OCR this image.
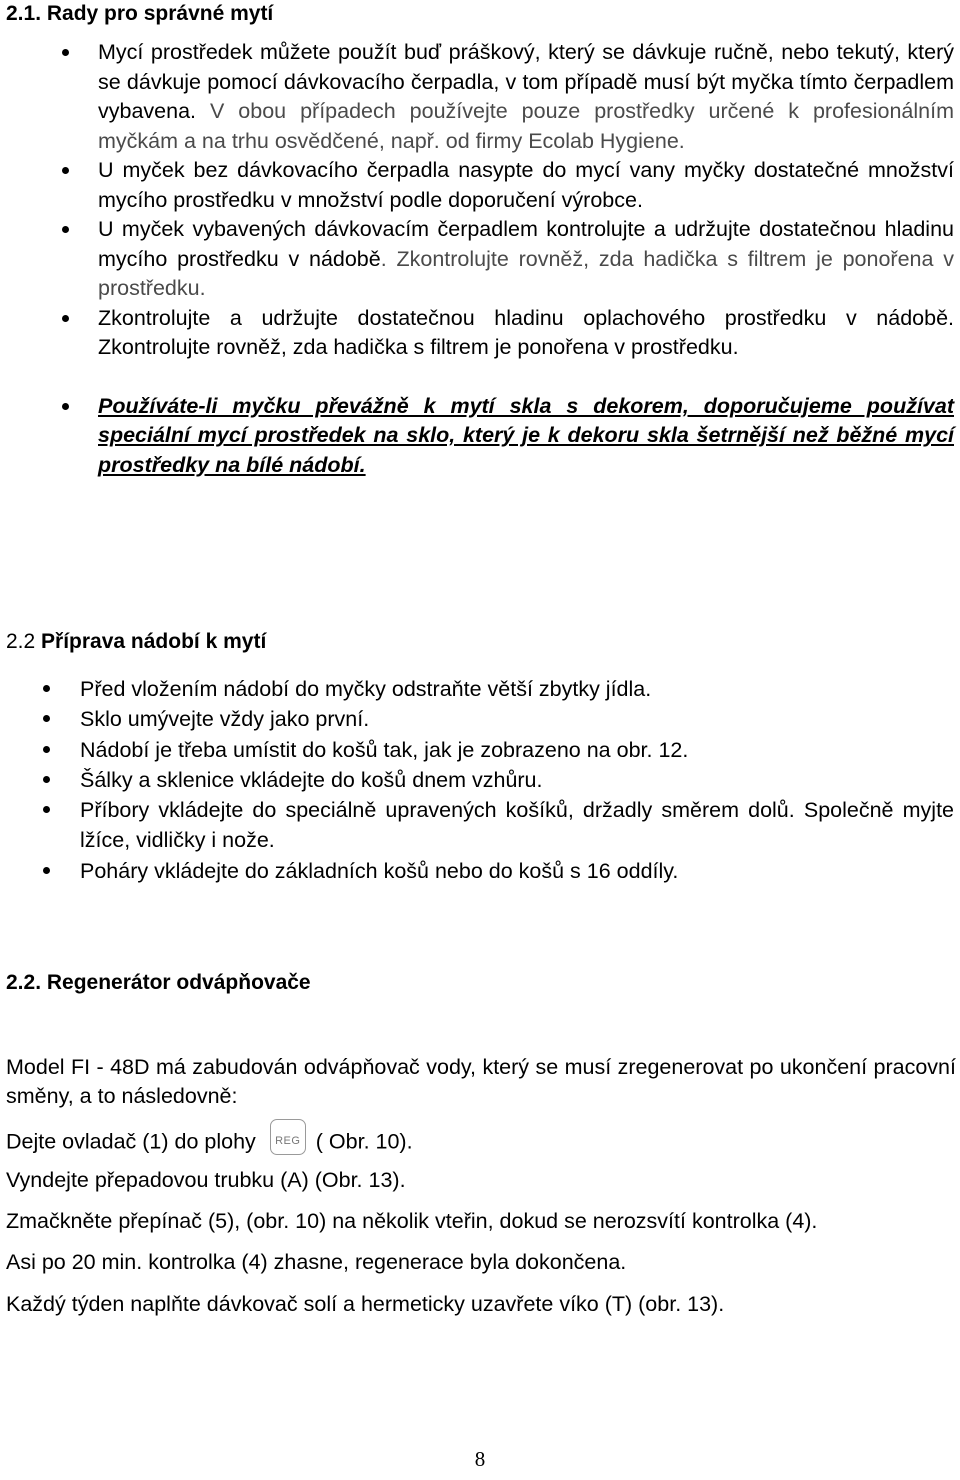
2.1. Rady pro správné mytí
Mycí prostředek můžete použít buď práškový, který se dávkuje ručně, nebo tekutý, který se dávkuje pomocí dávkovacího čerpadla, v tom případě musí být myčka tímto čerpadlem vybavena. V obou případech používejte pouze prostředky určené k profesionálním myčkám a na trhu osvědčené, např. od firmy Ecolab Hygiene.
U myček bez dávkovacího čerpadla nasypte do mycí vany myčky dostatečné množství mycího prostředku v množství podle doporučení výrobce.
U myček vybavených dávkovacím čerpadlem kontrolujte a udržujte dostatečnou hladinu mycího prostředku v nádobě. Zkontrolujte rovněž, zda hadička s filtrem je ponořena v prostředku.
Zkontrolujte a udržujte dostatečnou hladinu oplachového prostředku v nádobě. Zkontrolujte rovněž, zda hadička s filtrem je ponořena v prostředku.
Používáte-li myčku převážně k mytí skla s dekorem, doporučujeme používat speciální mycí prostředek na sklo, který je k dekoru skla šetrnější než běžné mycí prostředky na bílé nádobí.
2.2 Příprava nádobí k mytí
Před vložením nádobí do myčky odstraňte větší zbytky jídla.
Sklo umývejte vždy jako první.
Nádobí je třeba umístit do košů tak, jak je zobrazeno na obr. 12.
Šálky a sklenice vkládejte do košů dnem vzhůru.
Příbory vkládejte do speciálně upravených košíků, držadly směrem dolů. Společně myjte lžíce, vidličky i nože.
Poháry vkládejte do základních košů nebo do košů s 16 oddíly.
2.2. Regenerátor odvápňovače

Model FI - 48D má zabudován odvápňovač vody, který se musí zregenerovat po ukončení pracovní směny, a to následovně:

Dejte ovladač (1) do plohy	REG ( Obr. 10).

Vyndejte přepadovou trubku (A) (Obr. 13).

Zmačkněte přepínač (5), (obr. 10) na několik vteřin, dokud se nerozsvítí kontrolka (4).

Asi po 20 min. kontrolka (4) zhasne, regenerace byla dokončena.

Každý týden naplňte dávkovač solí a hermeticky uzavřete víko (T) (obr. 13).

8
